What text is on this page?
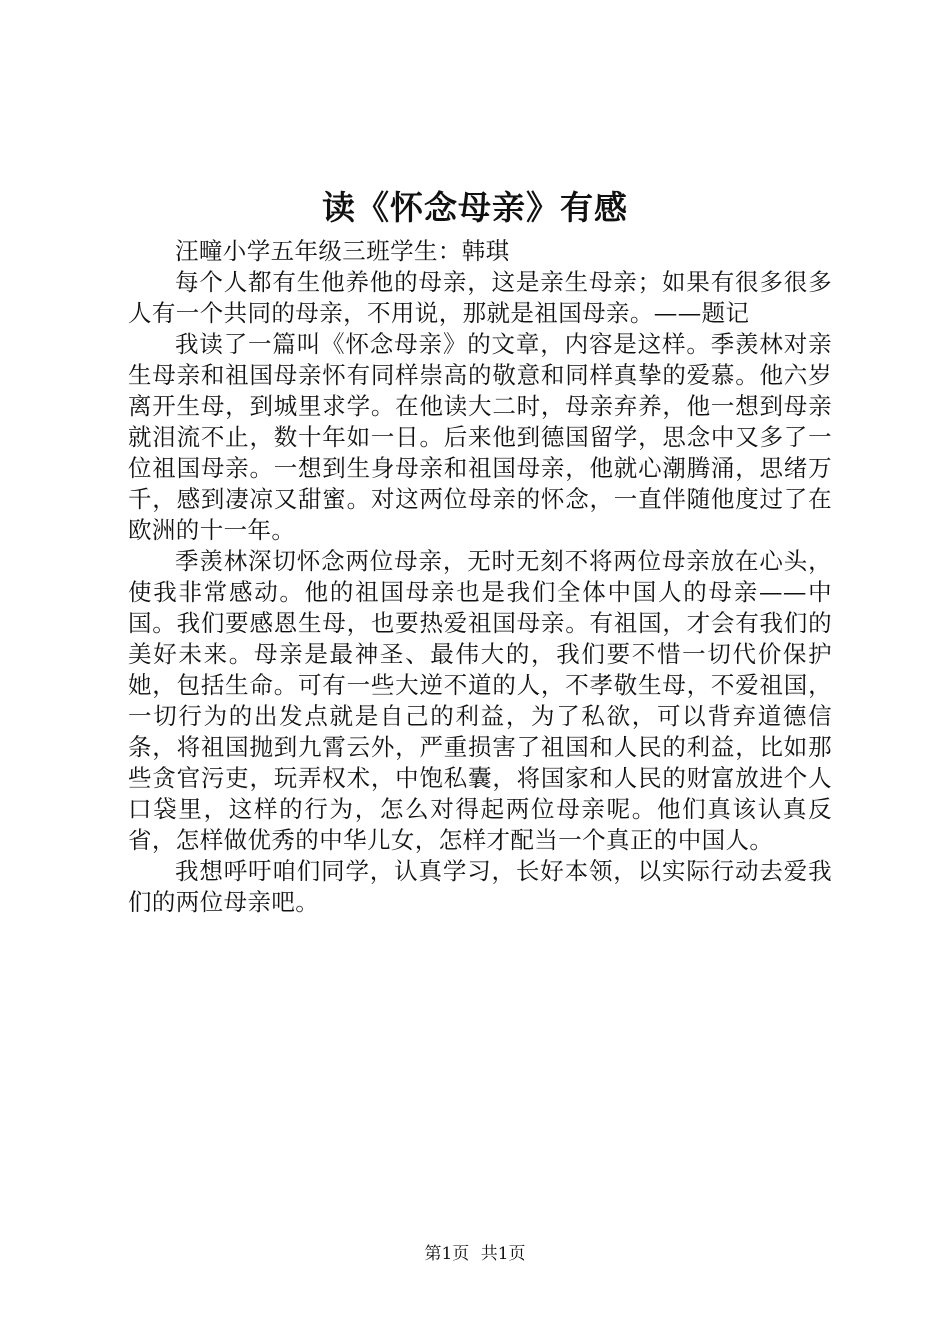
读《怀念母亲》有感

汪疃小学五年级三班学生：韩琪

每个人都有生他养他的母亲，这是亲生母亲；如果有很多很多人有一个共同的母亲，不用说，那就是祖国母亲。——题记

我读了一篇叫《怀念母亲》的文章，内容是这样。季羡林对亲生母亲和祖国母亲怀有同样崇高的敬意和同样真挚的爱慕。他六岁离开生母，到城里求学。在他读大二时，母亲弃养，他一想到母亲就泪流不止，数十年如一日。后来他到德国留学，思念中又多了一位祖国母亲。一想到生身母亲和祖国母亲，他就心潮腾涌，思绪万千，感到凄凉又甜蜜。对这两位母亲的怀念，一直伴随他度过了在欧洲的十一年。

季羡林深切怀念两位母亲，无时无刻不将两位母亲放在心头，使我非常感动。他的祖国母亲也是我们全体中国人的母亲——中国。我们要感恩生母，也要热爱祖国母亲。有祖国，才会有我们的美好未来。母亲是最神圣、最伟大的，我们要不惜一切代价保护她，包括生命。可有一些大逆不道的人，不孝敬生母，不爱祖国，一切行为的出发点就是自己的利益，为了私欲，可以背弃道德信条，将祖国抛到九霄云外，严重损害了祖国和人民的利益，比如那些贪官污吏，玩弄权术，中饱私囊，将国家和人民的财富放进个人口袋里，这样的行为，怎么对得起两位母亲呢。他们真该认真反省，怎样做优秀的中华儿女，怎样才配当一个真正的中国人。

我想呼吁咱们同学，认真学习，长好本领，以实际行动去爱我们的两位母亲吧。

第1页 共1页
